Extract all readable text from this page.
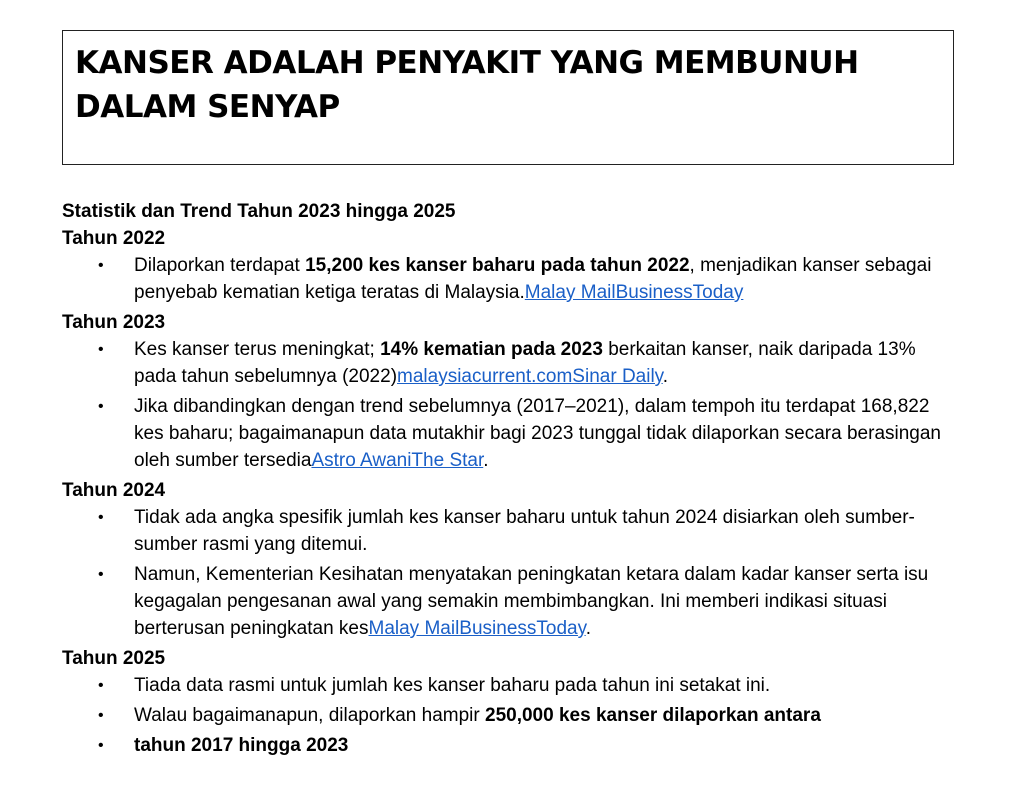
KANSER ADALAH PENYAKIT YANG MEMBUNUH DALAM SENYAP

Statistik dan Trend Tahun 2023 hingga 2025

Tahun 2022

• Dilaporkan terdapat 15,200 kes kanser baharu pada tahun 2022, menjadikan kanser sebagai penyebab kematian ketiga teratas di Malaysia.Malay MailBusinessToday

Tahun 2023

• Kes kanser terus meningkat; 14% kematian pada 2023 berkaitan kanser, naik daripada 13% pada tahun sebelumnya (2022)malaysiacurrent.comSinar Daily.
• Jika dibandingkan dengan trend sebelumnya (2017–2021), dalam tempoh itu terdapat 168,822 kes baharu; bagaimanapun data mutakhir bagi 2023 tunggal tidak dilaporkan secara berasingan oleh sumber tersediaAstro AwaniThe Star.

Tahun 2024

• Tidak ada angka spesifik jumlah kes kanser baharu untuk tahun 2024 disiarkan oleh sumber-sumber rasmi yang ditemui.
• Namun, Kementerian Kesihatan menyatakan peningkatan ketara dalam kadar kanser serta isu kegagalan pengesanan awal yang semakin membimbangkan. Ini memberi indikasi situasi berterusan peningkatan kesMalay MailBusinessToday.

Tahun 2025

• Tiada data rasmi untuk jumlah kes kanser baharu pada tahun ini setakat ini.
• Walau bagaimanapun, dilaporkan hampir 250,000 kes kanser dilaporkan antara
• tahun 2017 hingga 2023
